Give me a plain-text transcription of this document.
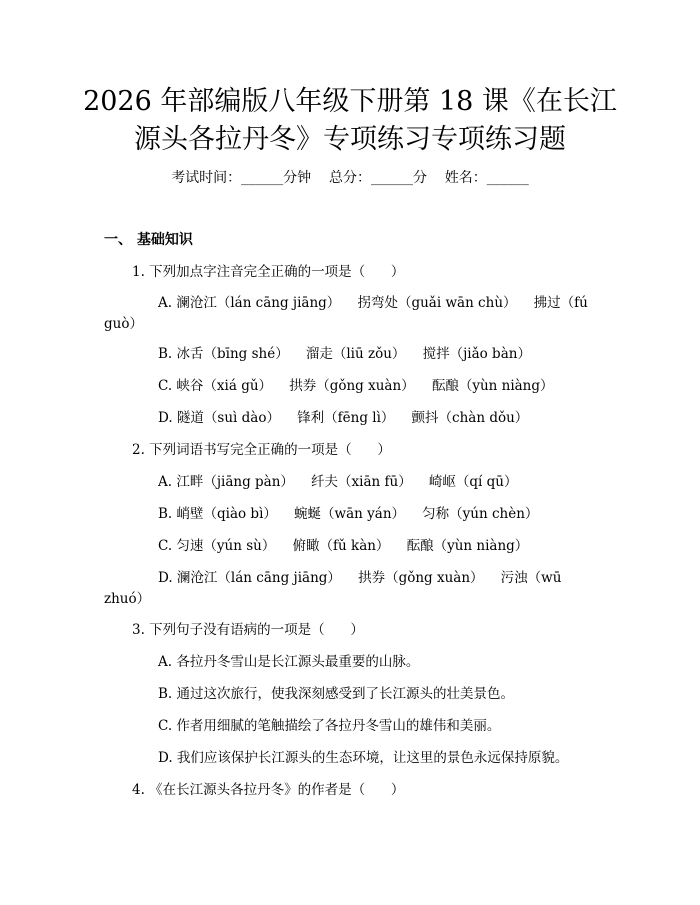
2026 年部编版八年级下册第 18 课《在长江
源头各拉丹冬》专项练习专项练习题
考试时间：______分钟    总分：______分    姓名：______
一、 基础知识
1. 下列加点字注音完全正确的一项是（      ）
A. 澜沧江（lán cāng jiāng）    拐弯处（guǎi wān chù）    拂过（fú
guò）
B. 冰舌（bīng shé）    溜走（liū zǒu）    搅拌（jiǎo bàn）
C. 峡谷（xiá gǔ）    拱券（gǒng xuàn）    酝酿（yùn niàng）
D. 隧道（suì dào）    锋利（fēng lì）    颤抖（chàn dǒu）
2. 下列词语书写完全正确的一项是（      ）
A. 江畔（jiāng pàn）    纤夫（xiān fū）    崎岖（qí qū）
B. 峭壁（qiào bì）    蜿蜒（wān yán）    匀称（yún chèn）
C. 匀速（yún sù）    俯瞰（fǔ kàn）    酝酿（yùn niàng）
D. 澜沧江（lán cāng jiāng）    拱券（gǒng xuàn）    污浊（wū
zhuó）
3. 下列句子没有语病的一项是（      ）
A. 各拉丹冬雪山是长江源头最重要的山脉。
B. 通过这次旅行，使我深刻感受到了长江源头的壮美景色。
C. 作者用细腻的笔触描绘了各拉丹冬雪山的雄伟和美丽。
D. 我们应该保护长江源头的生态环境，让这里的景色永远保持原貌。
4. 《在长江源头各拉丹冬》的作者是（      ）
